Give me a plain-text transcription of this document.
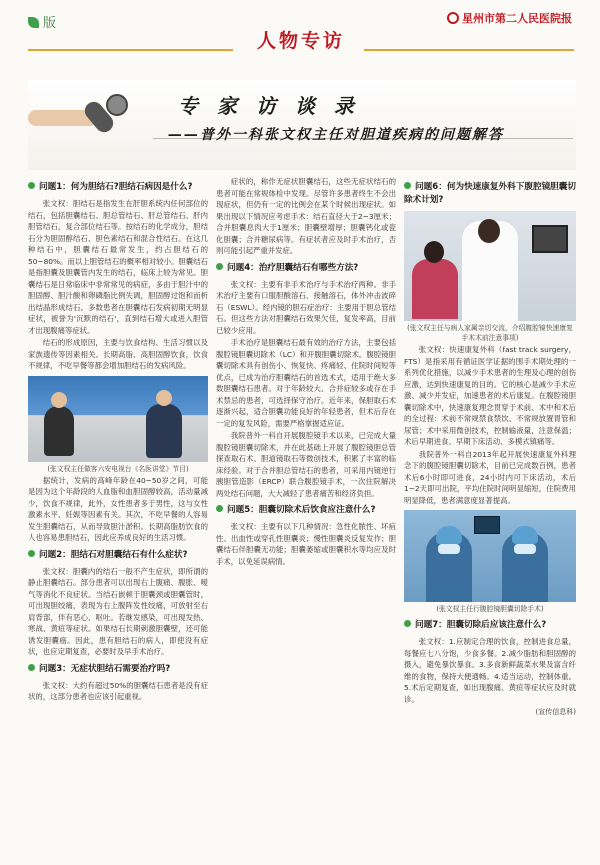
版
人物专访
星州市第二人民医院报
专 家 访 谈 录
——普外一科张文权主任对胆道疾病的问题解答
问题1：何为胆结石?胆结石病因是什么?

张文权：胆结石是指发生在肝胆系统内任何部位的结石，包括胆囊结石、胆总管结石、肝总管结石、肝内胆管结石，复合部位结石等。按结石的化学成分，胆结石分为胆固醇结石、胆色素结石和混合性结石。在这几种结石中，胆囊结石最常发生，约占胆结石的50~80%。而以上胆管结石的概率相对较小。胆囊结石是指胆囊及胆囊管内发生的结石，临床上较为常见。胆囊结石是日常临床中非常常见的病症，多由于胆汁中的胆固醇、胆汁酸和卵磷脂比例失调，胆固醇过饱和而析出结晶形成结石。多数患者在胆囊结石发病初期无明显症状，被誉为'沉默的结石'，直到结石增大或进入胆管才出现腹痛等症状。

结石的形成原因，主要与饮食结构、生活习惯以及家族遗传等因素相关。长期高脂、高胆固醇饮食，饮食不规律，不吃早餐等都会增加胆结石的发病风险。

(张文权主任做客六安电视台《名医讲堂》节目)

据统计，发病的高峰年龄在40~50岁之间，可能是因为这个年龄段的人血脂和血胆固醇较高，活动量减少，饮食不规律，此外，女性患者多于男性，这与女性激素水平、妊娠等因素有关。其次，不吃早餐的人容易发生胆囊结石，从而导致胆汁淤积。长期高脂肪饮食的人也容易患胆结石，因此应养成良好的生活习惯。

问题2：胆结石对胆囊结石有什么症状?

张文权：胆囊内的结石一般不产生症状，即所谓的静止胆囊结石。部分患者可以出现右上腹痛、腹胀、嗳气等消化不良症状。当结石嵌顿于胆囊颈或胆囊管时，可出现胆绞痛，表现为右上腹阵发性绞痛，可放射至右肩背部，伴有恶心、呕吐。若继发感染，可出现发热、寒战、黄疸等症状。如果结石长期刺激胆囊壁，还可能诱发胆囊癌。因此，患有胆结石的病人，即使没有症状，也应定期复查，必要时及早手术治疗。

问题3：无症状胆结石需要治疗吗?

张文权：大约有超过50%的胆囊结石患者是没有症状的，这部分患者也应该引起重视。

症状的，称作无症状胆囊结石，这些无症状结石的患者可能在常规体检中发现。尽管许多患者终生不会出现症状，但仍有一定的比例会在某个时候出现症状。如果出现以下情况应考虑手术：结石直径大于2~3厘米；合并胆囊息肉大于1厘米；胆囊壁增厚；胆囊钙化或瓷化胆囊；合并糖尿病等。有症状者应及时手术治疗，否则可能引起严重并发症。

问题4：治疗胆囊结石有哪些方法?

张文权：主要有非手术治疗与手术治疗两种。非手术治疗主要有口服胆酸溶石、接触溶石，体外冲击波碎石（ESWL）。经内镜的胆石症治疗：主要用于胆总管结石。但这些方法对胆囊结石效果欠佳，复发率高，目前已较少应用。

手术治疗是胆囊结石最有效的治疗方法，主要包括腹腔镜胆囊切除术（LC）和开腹胆囊切除术。腹腔镜胆囊切除术具有创伤小、恢复快、疼痛轻、住院时间短等优点，已成为治疗胆囊结石的首选术式，适用于绝大多数胆囊结石患者。对于年龄较大、合并症较多或存在手术禁忌的患者，可选择保守治疗。近年来，保胆取石术逐渐兴起，适合胆囊功能良好的年轻患者，但术后存在一定的复发风险，需要严格掌握适应证。

我院普外一科自开展腹腔镜手术以来，已完成大量腹腔镜胆囊切除术，并在此基础上开展了腹腔镜胆总管探查取石术、胆道镜取石等微创技术，积累了丰富的临床经验。对于合并胆总管结石的患者，可采用内镜逆行胰胆管造影（ERCP）联合腹腔镜手术，一次住院解决两处结石问题，大大减轻了患者痛苦和经济负担。

问题5：胆囊切除术后饮食应注意什么?

张文权：主要有以下几种情况：急性化脓性、坏疽性、出血性或穿孔性胆囊炎；慢性胆囊炎反复发作；胆囊结石伴胆囊无功能；胆囊萎缩或胆囊积水等均应及时手术，以免延误病情。

问题6：何为快速康复外科下腹腔镜胆囊切除术计划?

(张文权主任与病人家属亲切交流，介绍腹腔镜快速康复手术术前注意事项)

张文权：快速康复外科（fast track surgery，FTS）是指采用有循证医学证据的围手术期处理的一系列优化措施，以减少手术患者的生理及心理的创伤应激，达到快速康复的目的。它的核心是减少手术应激、减少并发症，加速患者的术后康复。在腹腔镜胆囊切除术中，快速康复理念贯穿于术前、术中和术后的全过程：术前不常规禁食禁饮、不常规放置胃管和尿管；术中采用微创技术，控制输液量，注意保温；术后早期进食、早期下床活动、多模式镇痛等。

我院普外一科自2013年起开展快速康复外科理念下的腹腔镜胆囊切除术，目前已完成数百例，患者术后6小时即可进食，24小时内可下床活动，术后1~2天即可出院，平均住院时间明显缩短，住院费用明显降低，患者满意度显著提高。

(张文权主任行腹腔镜胆囊切除手术)

问题7：胆囊切除后应该注意什么?

张文权：1.应制定合理的饮食，控制进食总量，每餐应七八分饱，少食多餐。2.减少脂肪和胆固醇的摄入，避免暴饮暴食。3.多食新鲜蔬菜水果及富含纤维的食物，保持大便通畅。4.适当运动，控制体重。5.术后定期复查，如出现腹痛、黄疸等症状应及时就诊。

(宣传信息科)
